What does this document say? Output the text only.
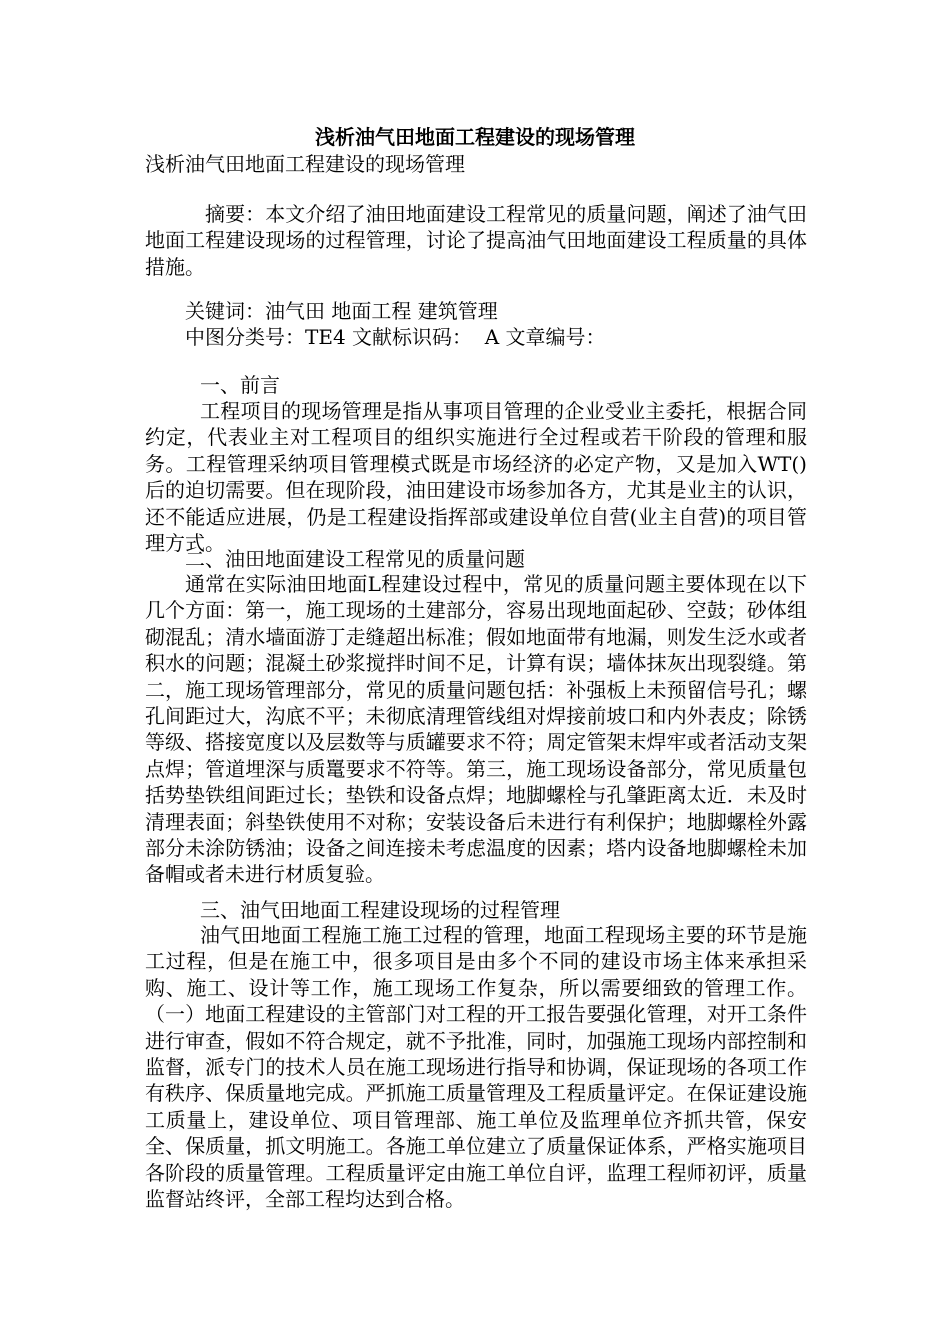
浅析油气田地面工程建设的现场管理
浅析油气田地面工程建设的现场管理
摘要：本文介绍了油田地面建设工程常见的质量问题，阐述了油气田地面工程建设现场的过程管理，讨论了提高油气田地面建设工程质量的具体措施。
关键词：油气田 地面工程 建筑管理
中图分类号：TE4 文献标识码：  A 文章编号：
一、前言
工程项目的现场管理是指从事项目管理的企业受业主委托，根据合同约定，代表业主对工程项目的组织实施进行全过程或若干阶段的管理和服务。工程管理采纳项目管理模式既是市场经济的必定产物，又是加入WT()后的迫切需要。但在现阶段，油田建设市场参加各方，尤其是业主的认识，还不能适应进展，仍是工程建设指挥部或建设单位自营(业主自营)的项目管理方式。
二、油田地面建设工程常见的质量问题
通常在实际油田地面L程建设过程中，常见的质量问题主要体现在以下几个方面：第一，施工现场的土建部分，容易出现地面起砂、空鼓；砂体组砌混乱；清水墙面游丁走缝超出标准；假如地面带有地漏，则发生泛水或者积水的问题；混凝土砂浆搅拌时间不足，计算有误；墙体抹灰出现裂缝。第二，施工现场管理部分，常见的质量问题包括：补强板上未预留信号孔；螺孔间距过大，沟底不平；未彻底清理管线组对焊接前坡口和内外表皮；除锈等级、搭接宽度以及层数等与质罐要求不符；周定管架末焊牢或者活动支架点焊；管道埋深与质鼍要求不符等。第三，施工现场设备部分，常见质量包括势垫铁组间距过长；垫铁和设备点焊；地脚螺栓与孔肇距离太近．未及时清理表面；斜垫铁使用不对称；安装设备后未进行有利保护；地脚螺栓外露部分未涂防锈油；设备之间连接未考虑温度的因素；塔内设备地脚螺栓未加备帽或者未进行材质复验。
三、油气田地面工程建设现场的过程管理
油气田地面工程施工施工过程的管理，地面工程现场主要的环节是施工过程，但是在施工中，很多项目是由多个不同的建设市场主体来承担采购、施工、设计等工作，施工现场工作复杂，所以需要细致的管理工作。（一）地面工程建设的主管部门对工程的开工报告要强化管理，对开工条件进行审查，假如不符合规定，就不予批准，同时，加强施工现场内部控制和监督，派专门的技术人员在施工现场进行指导和协调，保证现场的各项工作有秩序、保质量地完成。严抓施工质量管理及工程质量评定。在保证建设施工质量上，建设单位、项目管理部、施工单位及监理单位齐抓共管，保安全、保质量，抓文明施工。各施工单位建立了质量保证体系，严格实施项目各阶段的质量管理。工程质量评定由施工单位自评，监理工程师初评，质量监督站终评，全部工程均达到合格。
